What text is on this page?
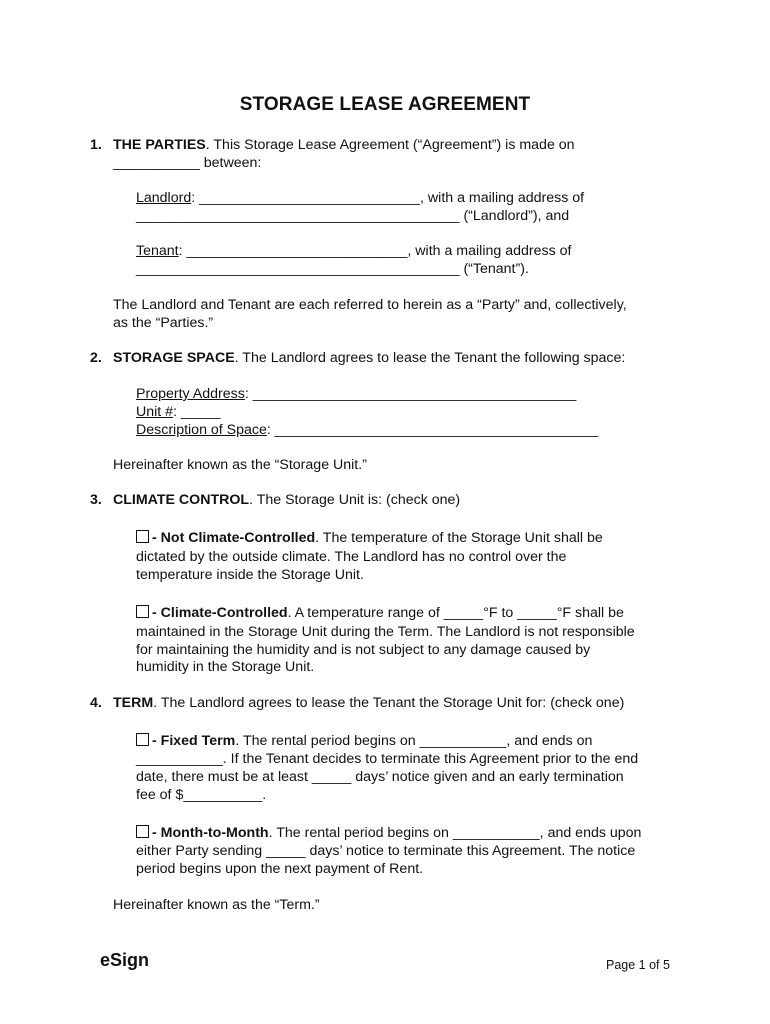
STORAGE LEASE AGREEMENT
1. THE PARTIES. This Storage Lease Agreement (“Agreement”) is made on
___________ between:
Landlord: ____________________________, with a mailing address of
_________________________________________ (“Landlord”), and
Tenant: ____________________________, with a mailing address of
_________________________________________ (“Tenant”).
The Landlord and Tenant are each referred to herein as a “Party” and, collectively,
as the “Parties.”
2. STORAGE SPACE. The Landlord agrees to lease the Tenant the following space:
Property Address: _________________________________________
Unit #: _____
Description of Space: _________________________________________
Hereinafter known as the “Storage Unit.”
3. CLIMATE CONTROL. The Storage Unit is: (check one)
- Not Climate-Controlled. The temperature of the Storage Unit shall be
dictated by the outside climate. The Landlord has no control over the
temperature inside the Storage Unit.
- Climate-Controlled. A temperature range of _____°F to _____°F shall be
maintained in the Storage Unit during the Term. The Landlord is not responsible
for maintaining the humidity and is not subject to any damage caused by
humidity in the Storage Unit.
4. TERM. The Landlord agrees to lease the Tenant the Storage Unit for: (check one)
- Fixed Term. The rental period begins on ___________, and ends on
___________. If the Tenant decides to terminate this Agreement prior to the end
date, there must be at least _____ days’ notice given and an early termination
fee of $__________.
- Month-to-Month. The rental period begins on ___________, and ends upon
either Party sending _____ days’ notice to terminate this Agreement. The notice
period begins upon the next payment of Rent.
Hereinafter known as the “Term.”
eSign	Page 1 of 5
